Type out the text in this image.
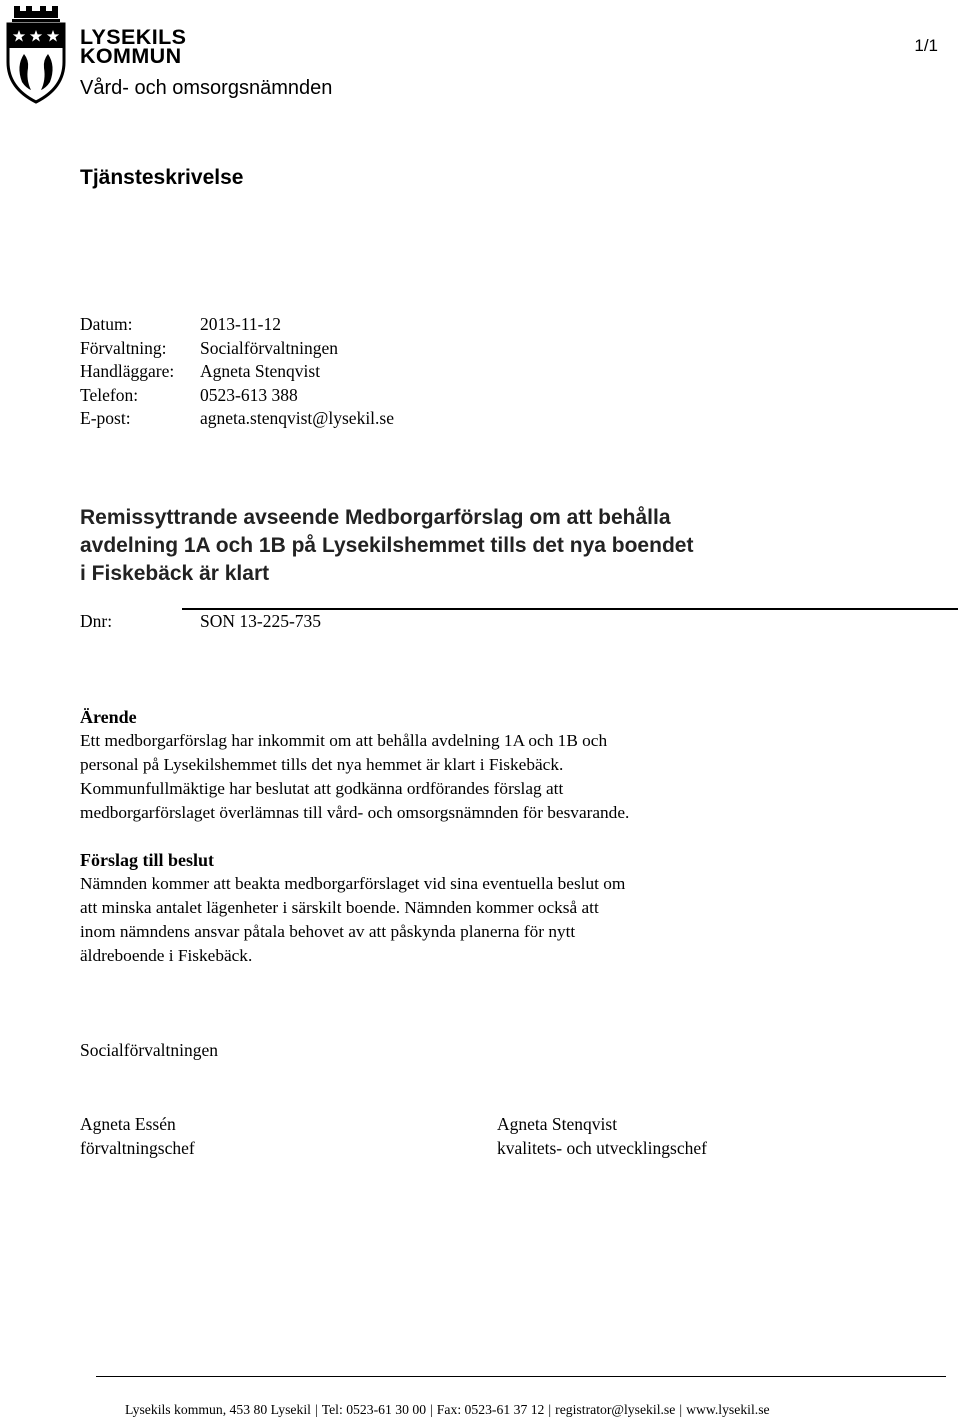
LYSEKILS
KOMMUN	1/1
Vård- och omsorgsnämnden
Tjänsteskrivelse
Datum:	2013-11-12
Förvaltning:	Socialförvaltningen
Handläggare:	Agneta Stenqvist
Telefon:	0523-613 388
E-post:	agneta.stenqvist@lysekil.se
Remissyttrande avseende Medborgarförslag om att behålla
avdelning 1A och 1B på Lysekilshemmet tills det nya boendet
i Fiskebäck är klart
Dnr:	SON 13-225-735
Ärende
Ett medborgarförslag har inkommit om att behålla avdelning 1A och 1B och
personal på Lysekilshemmet tills det nya hemmet är klart i Fiskebäck.
Kommunfullmäktige har beslutat att godkänna ordförandes förslag att
medborgarförslaget överlämnas till vård- och omsorgsnämnden för besvarande.
Förslag till beslut
Nämnden kommer att beakta medborgarförslaget vid sina eventuella beslut om
att minska antalet lägenheter i särskilt boende. Nämnden kommer också att
inom nämndens ansvar påtala behovet av att påskynda planerna för nytt
äldreboende i Fiskebäck.
Socialförvaltningen
Agneta Essén
förvaltningschef
Agneta Stenqvist
kvalitets- och utvecklingschef
Lysekils kommun, 453 80 Lysekil | Tel: 0523-61 30 00 | Fax: 0523-61 37 12 | registrator@lysekil.se | www.lysekil.se
